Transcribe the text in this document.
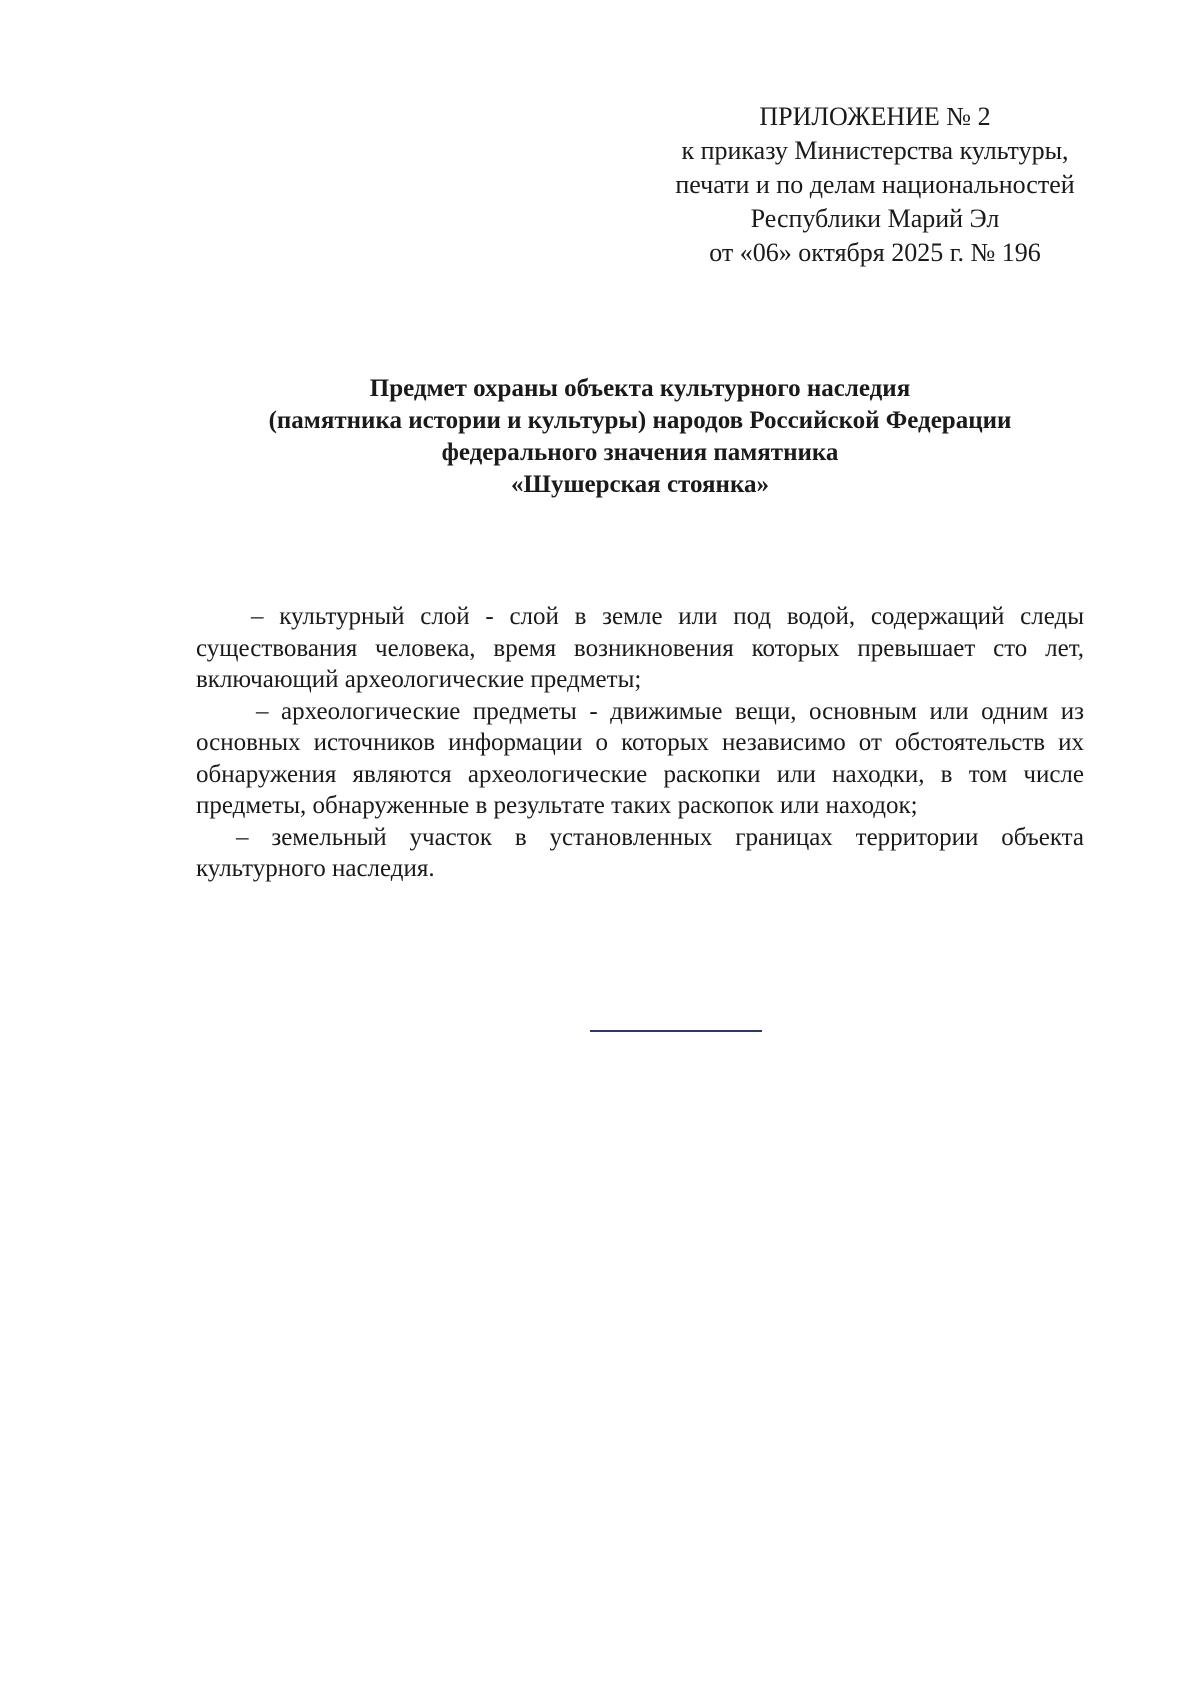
ПРИЛОЖЕНИЕ № 2
к приказу Министерства культуры,
печати и по делам национальностей
Республики Марий Эл
от «06» октября 2025 г. № 196
Предмет охраны объекта культурного наследия
(памятника истории и культуры) народов Российской Федерации
федерального значения памятника
«Шушерская стоянка»

– культурный слой - слой в земле или под водой, содержащий следы существования человека, время возникновения которых превышает сто лет, включающий археологические предметы;

– археологические предметы - движимые вещи, основным или одним из основных источников информации о которых независимо от обстоятельств их обнаружения являются археологические раскопки или находки, в том числе предметы, обнаруженные в результате таких раскопок или находок;

– земельный участок в установленных границах территории объекта культурного наследия.
